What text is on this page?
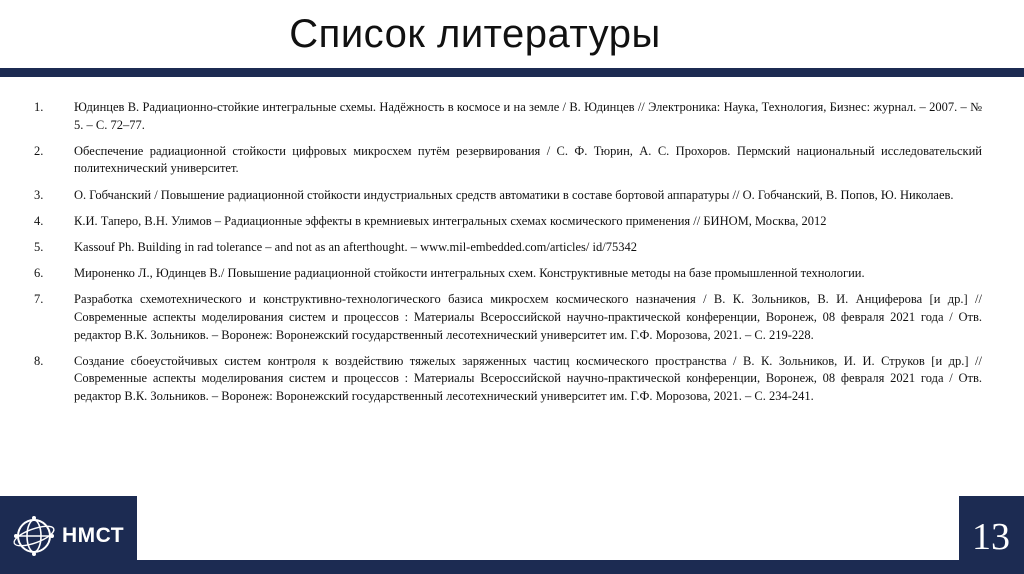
Список литературы
1.	Юдинцев В. Радиационно-стойкие интегральные схемы. Надёжность в космосе и на земле / В. Юдинцев // Электроника: Наука, Технология, Бизнес: журнал. – 2007. – № 5. – С. 72–77.
2.	Обеспечение радиационной стойкости цифровых микросхем путём резервирования / С. Ф. Тюрин, А. С. Прохоров. Пермский национальный исследовательский политехнический университет.
3.	О. Гобчанский / Повышение радиационной стойкости индустриальных средств автоматики в составе бортовой аппаратуры // О. Гобчанский, В. Попов, Ю. Николаев.
4.	К.И. Таперо, В.Н. Улимов – Радиационные эффекты в кремниевых интегральных схемах космического применения // БИНОМ, Москва, 2012
5.	Kassouf Ph. Building in rad tolerance – and not as an afterthought. – www.mil-embedded.com/articles/ id/75342
6.	Мироненко Л., Юдинцев В./ Повышение радиационной стойкости интегральных схем. Конструктивные методы на базе промышленной технологии.
7.	Разработка схемотехнического и конструктивно-технологического базиса микросхем космического назначения / В. К. Зольников, В. И. Анциферова [и др.] // Современные аспекты моделирования систем и процессов : Материалы Всероссийской научно-практической конференции, Воронеж, 08 февраля 2021 года / Отв. редактор В.К. Зольников. – Воронеж: Воронежский государственный лесотехнический университет им. Г.Ф. Морозова, 2021. – С. 219-228.
8.	Создание сбоеустойчивых систем контроля к воздействию тяжелых заряженных частиц космического пространства / В. К. Зольников, И. И. Струков [и др.] // Современные аспекты моделирования систем и процессов : Материалы Всероссийской научно-практической конференции, Воронеж, 08 февраля 2021 года / Отв. редактор В.К. Зольников. – Воронеж: Воронежский государственный лесотехнический университет им. Г.Ф. Морозова, 2021. – С. 234-241.
НМСТ	13
